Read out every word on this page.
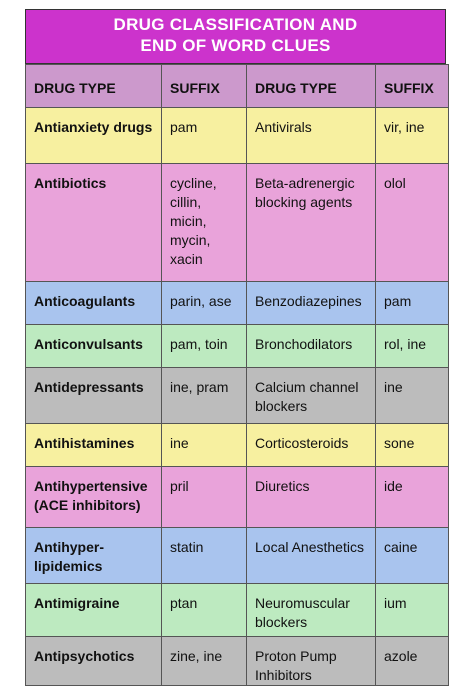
DRUG CLASSIFICATION AND
END OF WORD CLUES
DRUG TYPE	SUFFIX	DRUG TYPE	SUFFIX
Antianxiety drugs	pam	Antivirals	vir, ine
Antibiotics	cycline, cillin, micin, mycin, xacin	Beta-adrenergic blocking agents	olol
Anticoagulants	parin, ase	Benzodiazepines	pam
Anticonvulsants	pam, toin	Bronchodilators	rol, ine
Antidepressants	ine, pram	Calcium channel blockers	ine
Antihistamines	ine	Corticosteroids	sone
Antihypertensive (ACE inhibitors)	pril	Diuretics	ide
Antihyper-lipidemics	statin	Local Anesthetics	caine
Antimigraine	ptan	Neuromuscular blockers	ium
Antipsychotics	zine, ine	Proton Pump Inhibitors	azole
